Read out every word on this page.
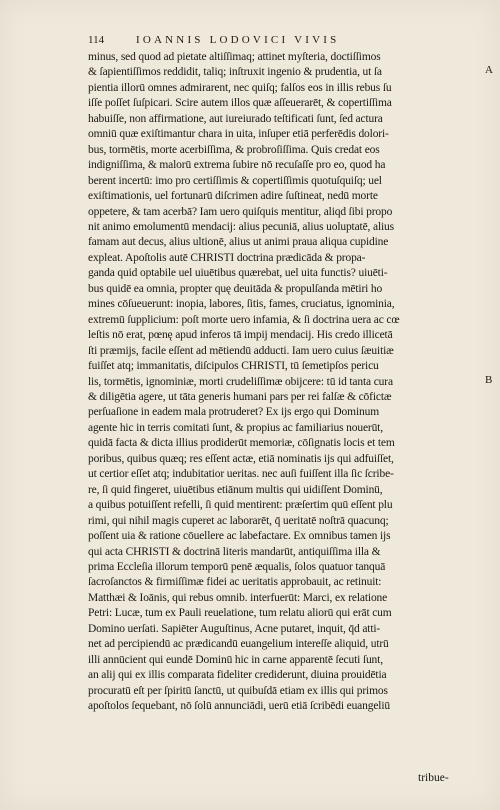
114	IOANNIS LODOVICI VIVIS
A
B
minus, sed quod ad pietate altiſſimaq; attinet myſteria, doctiſſimos
& ſapientiſſimos reddidit, taliq; inſtruxit ingenio & prudentia, ut ſa
pientia illorū omnes admirarent, nec quiſq; falſos eos in illis rebus ſu
iſſe poſſet ſuſpicari. Scire autem illos quæ aſſeuerarēt, & copertiſſima
habuiſſe, non affirmatione, aut iureiurado teſtificati ſunt, ſed actura
omniū quæ exiſtimantur chara in uita, inſuper etiā perferēdis dolori-
bus, tormētis, morte acerbiſſima, & probroſiſſima. Quis credat eos
indigniſſima, & malorū extrema ſubire nō recuſaſſe pro eo, quod ha
berent incertū: imo pro certiſſimis & copertiſſimis quotuſquiſq; uel
exiſtimationis, uel fortunarū diſcrimen adire ſuſtineat, nedū morte
oppetere, & tam acerbā? Iam uero quiſquis mentitur, aliqd ſibi propo
nit animo emolumentū mendacij: alius pecuniā, alius uoluptatē, alius
famam aut decus, alius ultionē, alius ut animi praua aliqua cupidine
expleat. Apoſtolis autē CHRISTI doctrina prædicāda & propa-
ganda quid optabile uel uiuētibus quærebat, uel uita functis? uiuēti-
bus quidē ea omnia, propter quę deuitāda & propulſanda mētiri ho
mines cōſueuerunt: inopia, labores, ſitis, fames, cruciatus, ignominia,
extremū ſupplicium: poſt morte uero infamia, & ſi doctrina uera ac cœ
leſtis nō erat, pœnę apud inferos tā impij mendacij. His credo illicetā
ſti præmijs, facile eſſent ad mētiendū adducti. Iam uero cuius ſæuitiæ
fuiſſet atq; immanitatis, diſcipulos CHRISTI, tū ſemetipſos pericu
lis, tormētis, ignominiæ, morti crudeliſſimæ obijcere: tū id tanta cura
& diligētia agere, ut tāta generis humani pars per rei falſæ & cōfictæ
perſuaſione in eadem mala protruderet? Ex ijs ergo qui Dominum
agente hic in terris comitati ſunt, & propius ac familiarius nouerūt,
quidā facta & dicta illius prodiderūt memoriæ, cōſignatis locis et tem
poribus, quibus quæq; res eſſent actæ, etiā nominatis ijs qui adfuiſſet,
ut certior eſſet atq; indubitatior ueritas. nec auſi fuiſſent illa ſic ſcribe-
re, ſi quid fingeret, uiuētibus etiānum multis qui uidiſſent Dominū,
a quibus potuiſſent refelli, ſi quid mentirent: præſertim quū eſſent plu
rimi, qui nihil magis cuperet ac laborarēt, q̄ ueritatē noſtrā quacunq;
poſſent uia & ratione cōuellere ac labefactare. Ex omnibus tamen ijs
qui acta CHRISTI & doctrinā literis mandarūt, antiquiſſima illa &
prima Eccleſia illorum temporū penē æqualis, ſolos quatuor tanquā
ſacroſanctos & firmiſſimæ fidei ac ueritatis approbauit, ac retinuit:
Matthæi & Ioānis, qui rebus omnib. interfuerūt: Marci, ex relatione
Petri: Lucæ, tum ex Pauli reuelatione, tum relatu aliorū qui erāt cum
Domino uerſati. Sapiēter Auguſtinus, Acne putaret, inquit, q̄d atti-
net ad percipiendū ac prædicandū euangelium intereſſe aliquid, utrū
illi annūcient qui eundē Dominū hic in carne apparentē ſecuti ſunt,
an alij qui ex illis comparata fideliter crediderunt, diuina prouidētia
procuratū eſt per ſpiritū ſanctū, ut quibuſdā etiam ex illis qui primos
apoſtolos ſequebant, nō ſolū annunciādi, uerū etiā ſcribēdi euangeliū
tribue-
